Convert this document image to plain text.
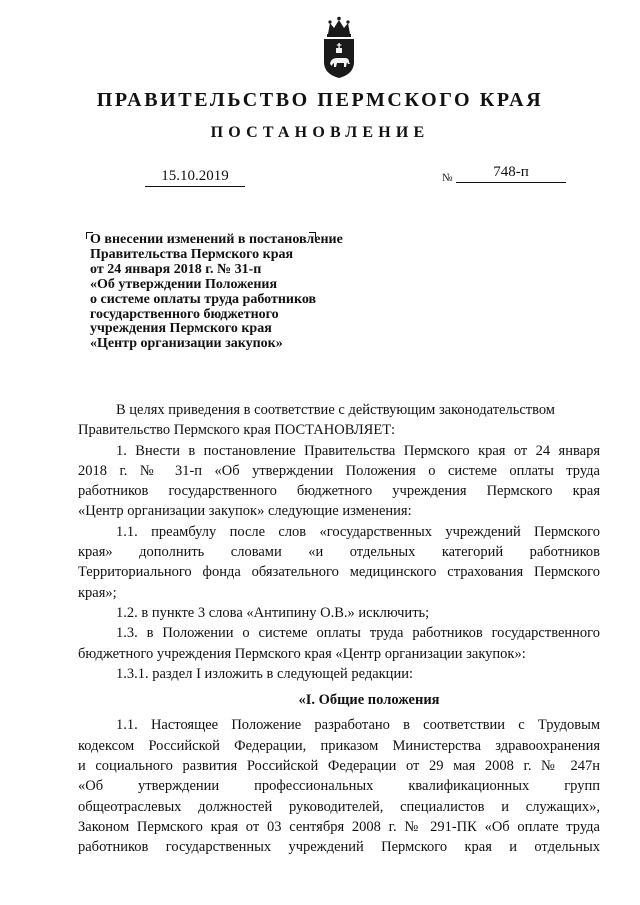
ПРАВИТЕЛЬСТВО ПЕРМСКОГО КРАЯ
ПОСТАНОВЛЕНИЕ
15.10.2019	№	748-п
О внесении изменений в постановление
Правительства Пермского края
от 24 января 2018 г. № 31-п
«Об утверждении Положения
о системе оплаты труда работников
государственного бюджетного
учреждения Пермского края
«Центр организации закупок»

В целях приведения в соответствие с действующим законодательством

Правительство Пермского края ПОСТАНОВЛЯЕТ:

1. Внести в постановление Правительства Пермского края от 24 января

2018 г. № 31-п «Об утверждении Положения о системе оплаты труда

работников государственного бюджетного учреждения Пермского края

«Центр организации закупок» следующие изменения:

1.1. преамбулу после слов «государственных учреждений Пермского

края» дополнить словами «и отдельных категорий работников

Территориального фонда обязательного медицинского страхования Пермского

края»;

1.2. в пункте 3 слова «Антипину О.В.» исключить;

1.3. в Положении о системе оплаты труда работников государственного

бюджетного учреждения Пермского края «Центр организации закупок»:

1.3.1. раздел I изложить в следующей редакции:

«I. Общие положения

1.1. Настоящее Положение разработано в соответствии с Трудовым

кодексом Российской Федерации, приказом Министерства здравоохранения

и социального развития Российской Федерации от 29 мая 2008 г. № 247н

«Об утверждении профессиональных квалификационных групп

общеотраслевых должностей руководителей, специалистов и служащих»,

Законом Пермского края от 03 сентября 2008 г. № 291-ПК «Об оплате труда

работников государственных учреждений Пермского края и отдельных
